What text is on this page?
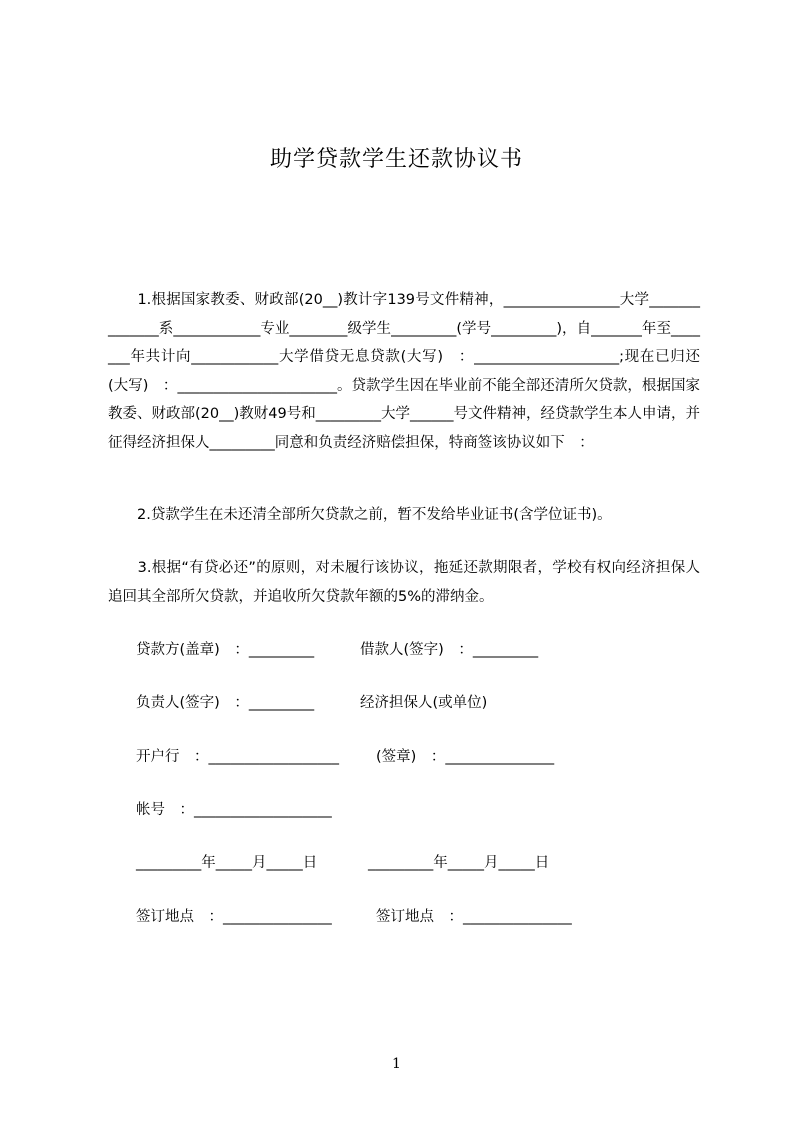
助学贷款学生还款协议书

　　1.根据国家教委、财政部(20__)教计字139号文件精神，________________大学______________系____________专业________级学生_________(学号_________)，自_______年至_______年共计向____________大学借贷无息贷款(大写)　：____________________;现在已归还(大写)　：______________________。贷款学生因在毕业前不能全部还清所欠贷款，根据国家教委、财政部(20__)教财49号和_________大学______号文件精神，经贷款学生本人申请，并征得经济担保人_________同意和负责经济赔偿担保，特商签该协议如下　：

　　2.贷款学生在未还清全部所欠贷款之前，暂不发给毕业证书(含学位证书)。

　　3.根据“有贷必还”的原则，对未履行该协议，拖延还款期限者，学校有权向经济担保人追回其全部所欠贷款，并追收所欠贷款年额的5%的滞纳金。

贷款方(盖章)　：_________	借款人(签字)　：_________
负责人(签字)　：_________	经济担保人(或单位)
开户行　：__________________	(签章)　：_______________
帐号　：___________________
_________年_____月_____日	_________年_____月_____日
签订地点　：_______________	签订地点　：_______________
1
